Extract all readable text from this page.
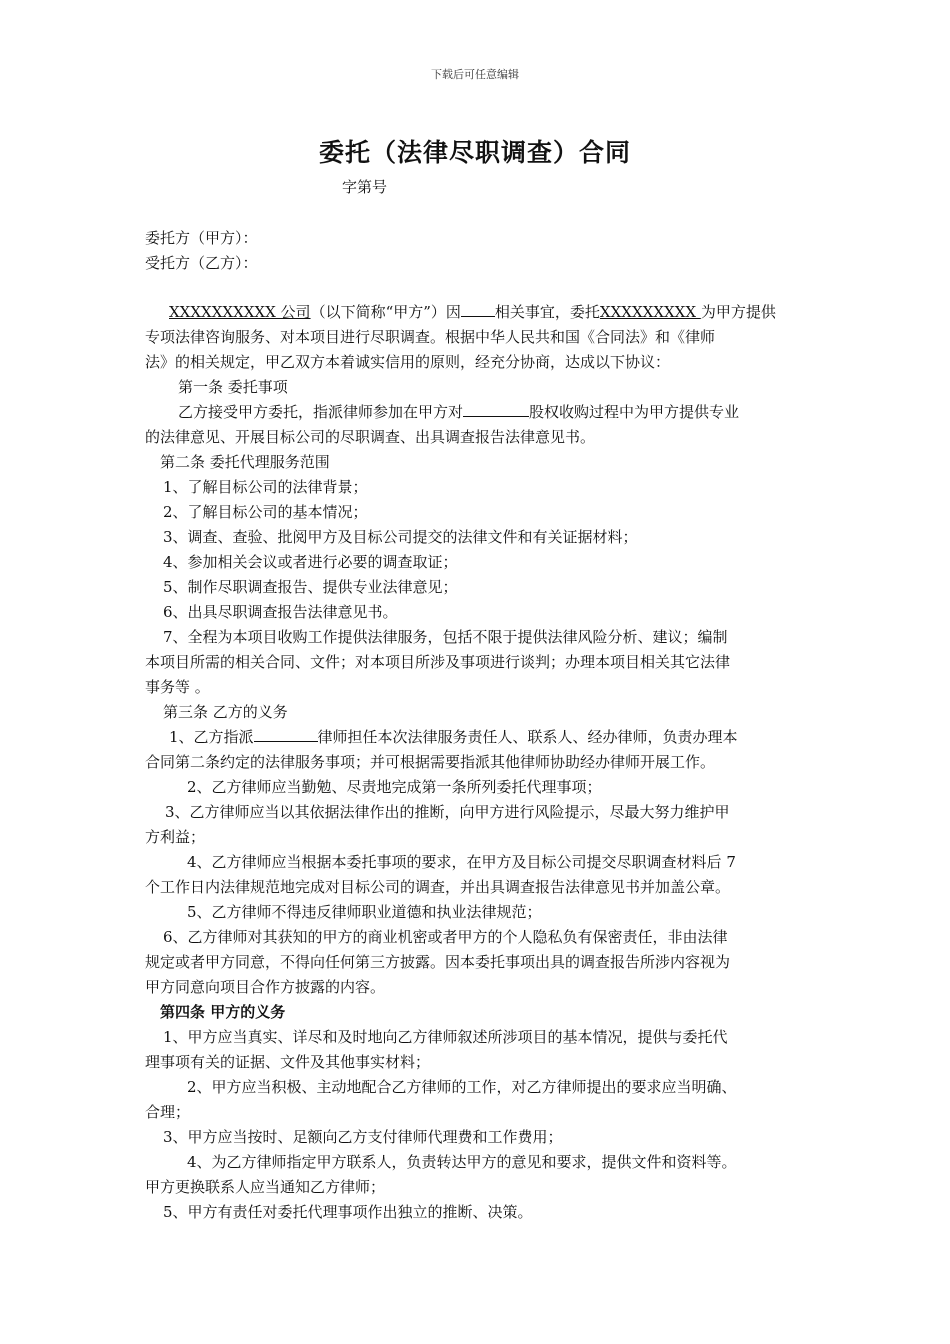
下载后可任意编辑
委托（法律尽职调查）合同
字第号
委托方（甲方）：
受托方（乙方）：
XXXXXXXXXX 公司（以下简称“甲方”）因 相关事宜，委托XXXXXXXXX 为甲方提供
专项法律咨询服务、对本项目进行尽职调查。根据中华人民共和国《合同法》和《律师
法》的相关规定，甲乙双方本着诚实信用的原则，经充分协商，达成以下协议：
第一条 委托事项
乙方接受甲方委托，指派律师参加在甲方对	股权收购过程中为甲方提供专业
的法律意见、开展目标公司的尽职调查、出具调查报告法律意见书。
第二条 委托代理服务范围
1、了解目标公司的法律背景；
2、了解目标公司的基本情况；
3、调查、查验、批阅甲方及目标公司提交的法律文件和有关证据材料；
4、参加相关会议或者进行必要的调查取证；
5、制作尽职调查报告、提供专业法律意见；
6、出具尽职调查报告法律意见书。
7、全程为本项目收购工作提供法律服务，包括不限于提供法律风险分析、建议；编制
本项目所需的相关合同、文件；对本项目所涉及事项进行谈判；办理本项目相关其它法律
事务等 。
第三条 乙方的义务
1、乙方指派	律师担任本次法律服务责任人、联系人、经办律师，负责办理本
合同第二条约定的法律服务事项；并可根据需要指派其他律师协助经办律师开展工作。
2、乙方律师应当勤勉、尽责地完成第一条所列委托代理事项；
3、乙方律师应当以其依据法律作出的推断，向甲方进行风险提示，尽最大努力维护甲
方利益；
4、乙方律师应当根据本委托事项的要求，在甲方及目标公司提交尽职调查材料后 7
个工作日内法律规范地完成对目标公司的调查，并出具调查报告法律意见书并加盖公章。
5、乙方律师不得违反律师职业道德和执业法律规范；
6、乙方律师对其获知的甲方的商业机密或者甲方的个人隐私负有保密责任，非由法律
规定或者甲方同意，不得向任何第三方披露。因本委托事项出具的调查报告所涉内容视为
甲方同意向项目合作方披露的内容。
第四条 甲方的义务
1、甲方应当真实、详尽和及时地向乙方律师叙述所涉项目的基本情况，提供与委托代
理事项有关的证据、文件及其他事实材料；
2、甲方应当积极、主动地配合乙方律师的工作，对乙方律师提出的要求应当明确、
合理；
3、甲方应当按时、足额向乙方支付律师代理费和工作费用；
4、为乙方律师指定甲方联系人，负责转达甲方的意见和要求，提供文件和资料等。
甲方更换联系人应当通知乙方律师；
5、甲方有责任对委托代理事项作出独立的推断、决策。
